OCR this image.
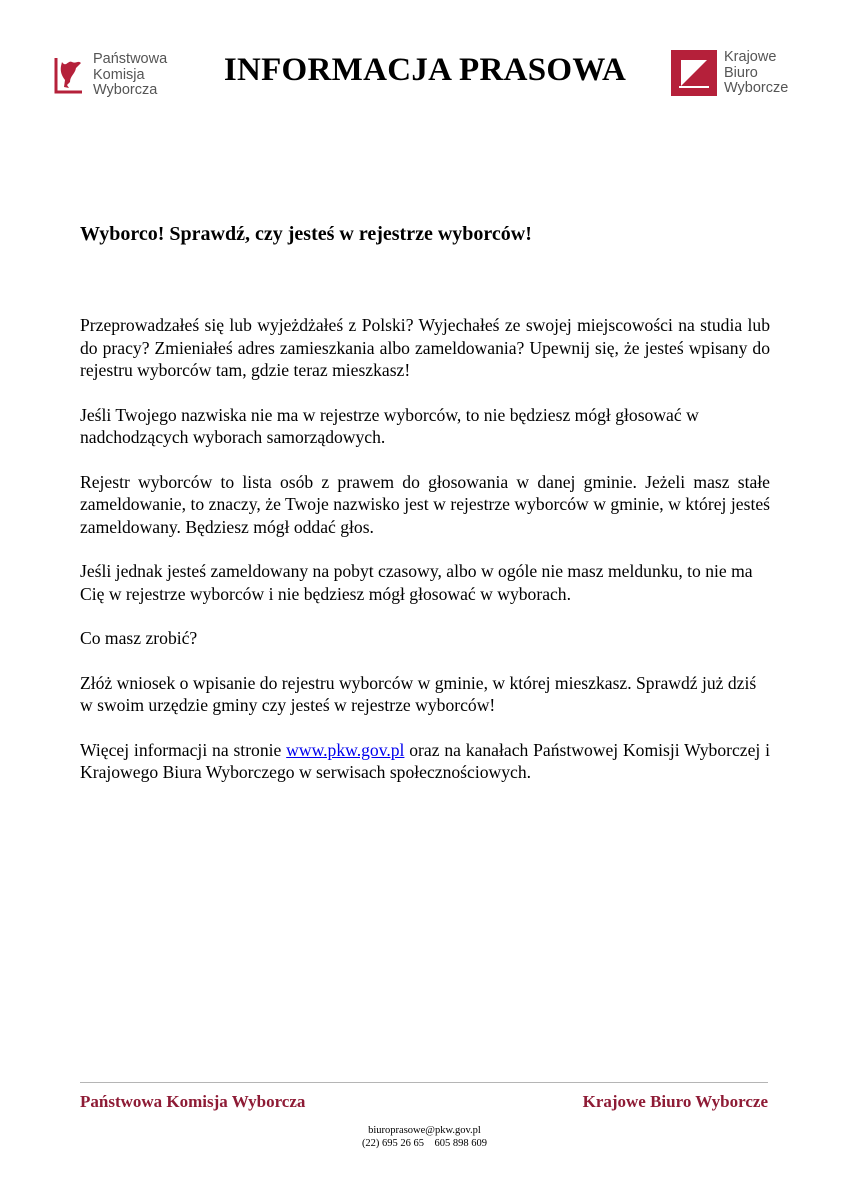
Państwowa
Komisja
Wyborcza
INFORMACJA PRASOWA	Krajowe
Biuro
Wyborcze
Wyborco! Sprawdź, czy jesteś w rejestrze wyborców!

Przeprowadzałeś się lub wyjeżdżałeś z Polski? Wyjechałeś ze swojej miejscowości na studia lub do pracy? Zmieniałeś adres zamieszkania albo zameldowania? Upewnij się, że jesteś wpisany do rejestru wyborców tam, gdzie teraz mieszkasz!

Jeśli Twojego nazwiska nie ma w rejestrze wyborców, to nie będziesz mógł głosować w nadchodzących wyborach samorządowych.

Rejestr wyborców to lista osób z prawem do głosowania w danej gminie. Jeżeli masz stałe zameldowanie, to znaczy, że Twoje nazwisko jest w rejestrze wyborców w gminie, w której jesteś zameldowany. Będziesz mógł oddać głos.

Jeśli jednak jesteś zameldowany na pobyt czasowy, albo w ogóle nie masz meldunku, to nie ma Cię w rejestrze wyborców i nie będziesz mógł głosować w wyborach.

Co masz zrobić?

Złóż wniosek o wpisanie do rejestru wyborców w gminie, w której mieszkasz. Sprawdź już dziś w swoim urzędzie gminy czy jesteś w rejestrze wyborców!

Więcej informacji na stronie www.pkw.gov.pl oraz na kanałach Państwowej Komisji Wyborczej i Krajowego Biura Wyborczego w serwisach społecznościowych.

Państwowa Komisja Wyborcza	Krajowe Biuro Wyborcze
biuroprasowe@pkw.gov.pl
(22) 695 26 65    605 898 609
